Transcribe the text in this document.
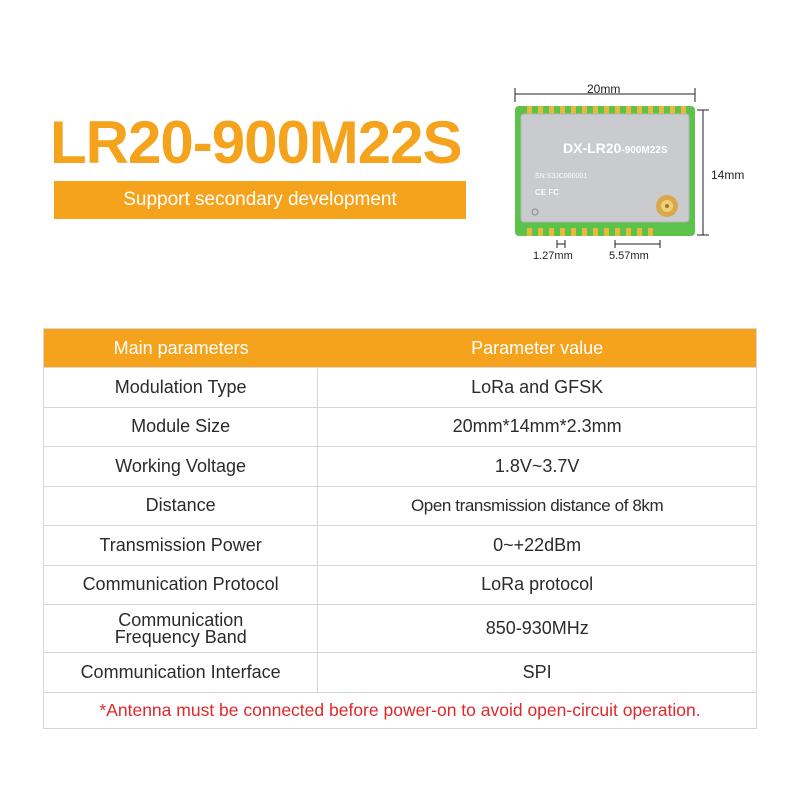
LR20-900M22S
Support secondary development
20mm
14mm
1.27mm	5.57mm
DX-LR20-900M22S
SN:S3JC000001
CE FC
Main parameters	Parameter value
Modulation Type	LoRa and GFSK
Module Size	20mm*14mm*2.3mm
Working Voltage	1.8V~3.7V
Distance	Open transmission distance of 8km
Transmission Power	0~+22dBm
Communication Protocol	LoRa protocol
Communication Frequency Band	850-930MHz
Communication Interface	SPI
*Antenna must be connected before power-on to avoid open-circuit operation.
